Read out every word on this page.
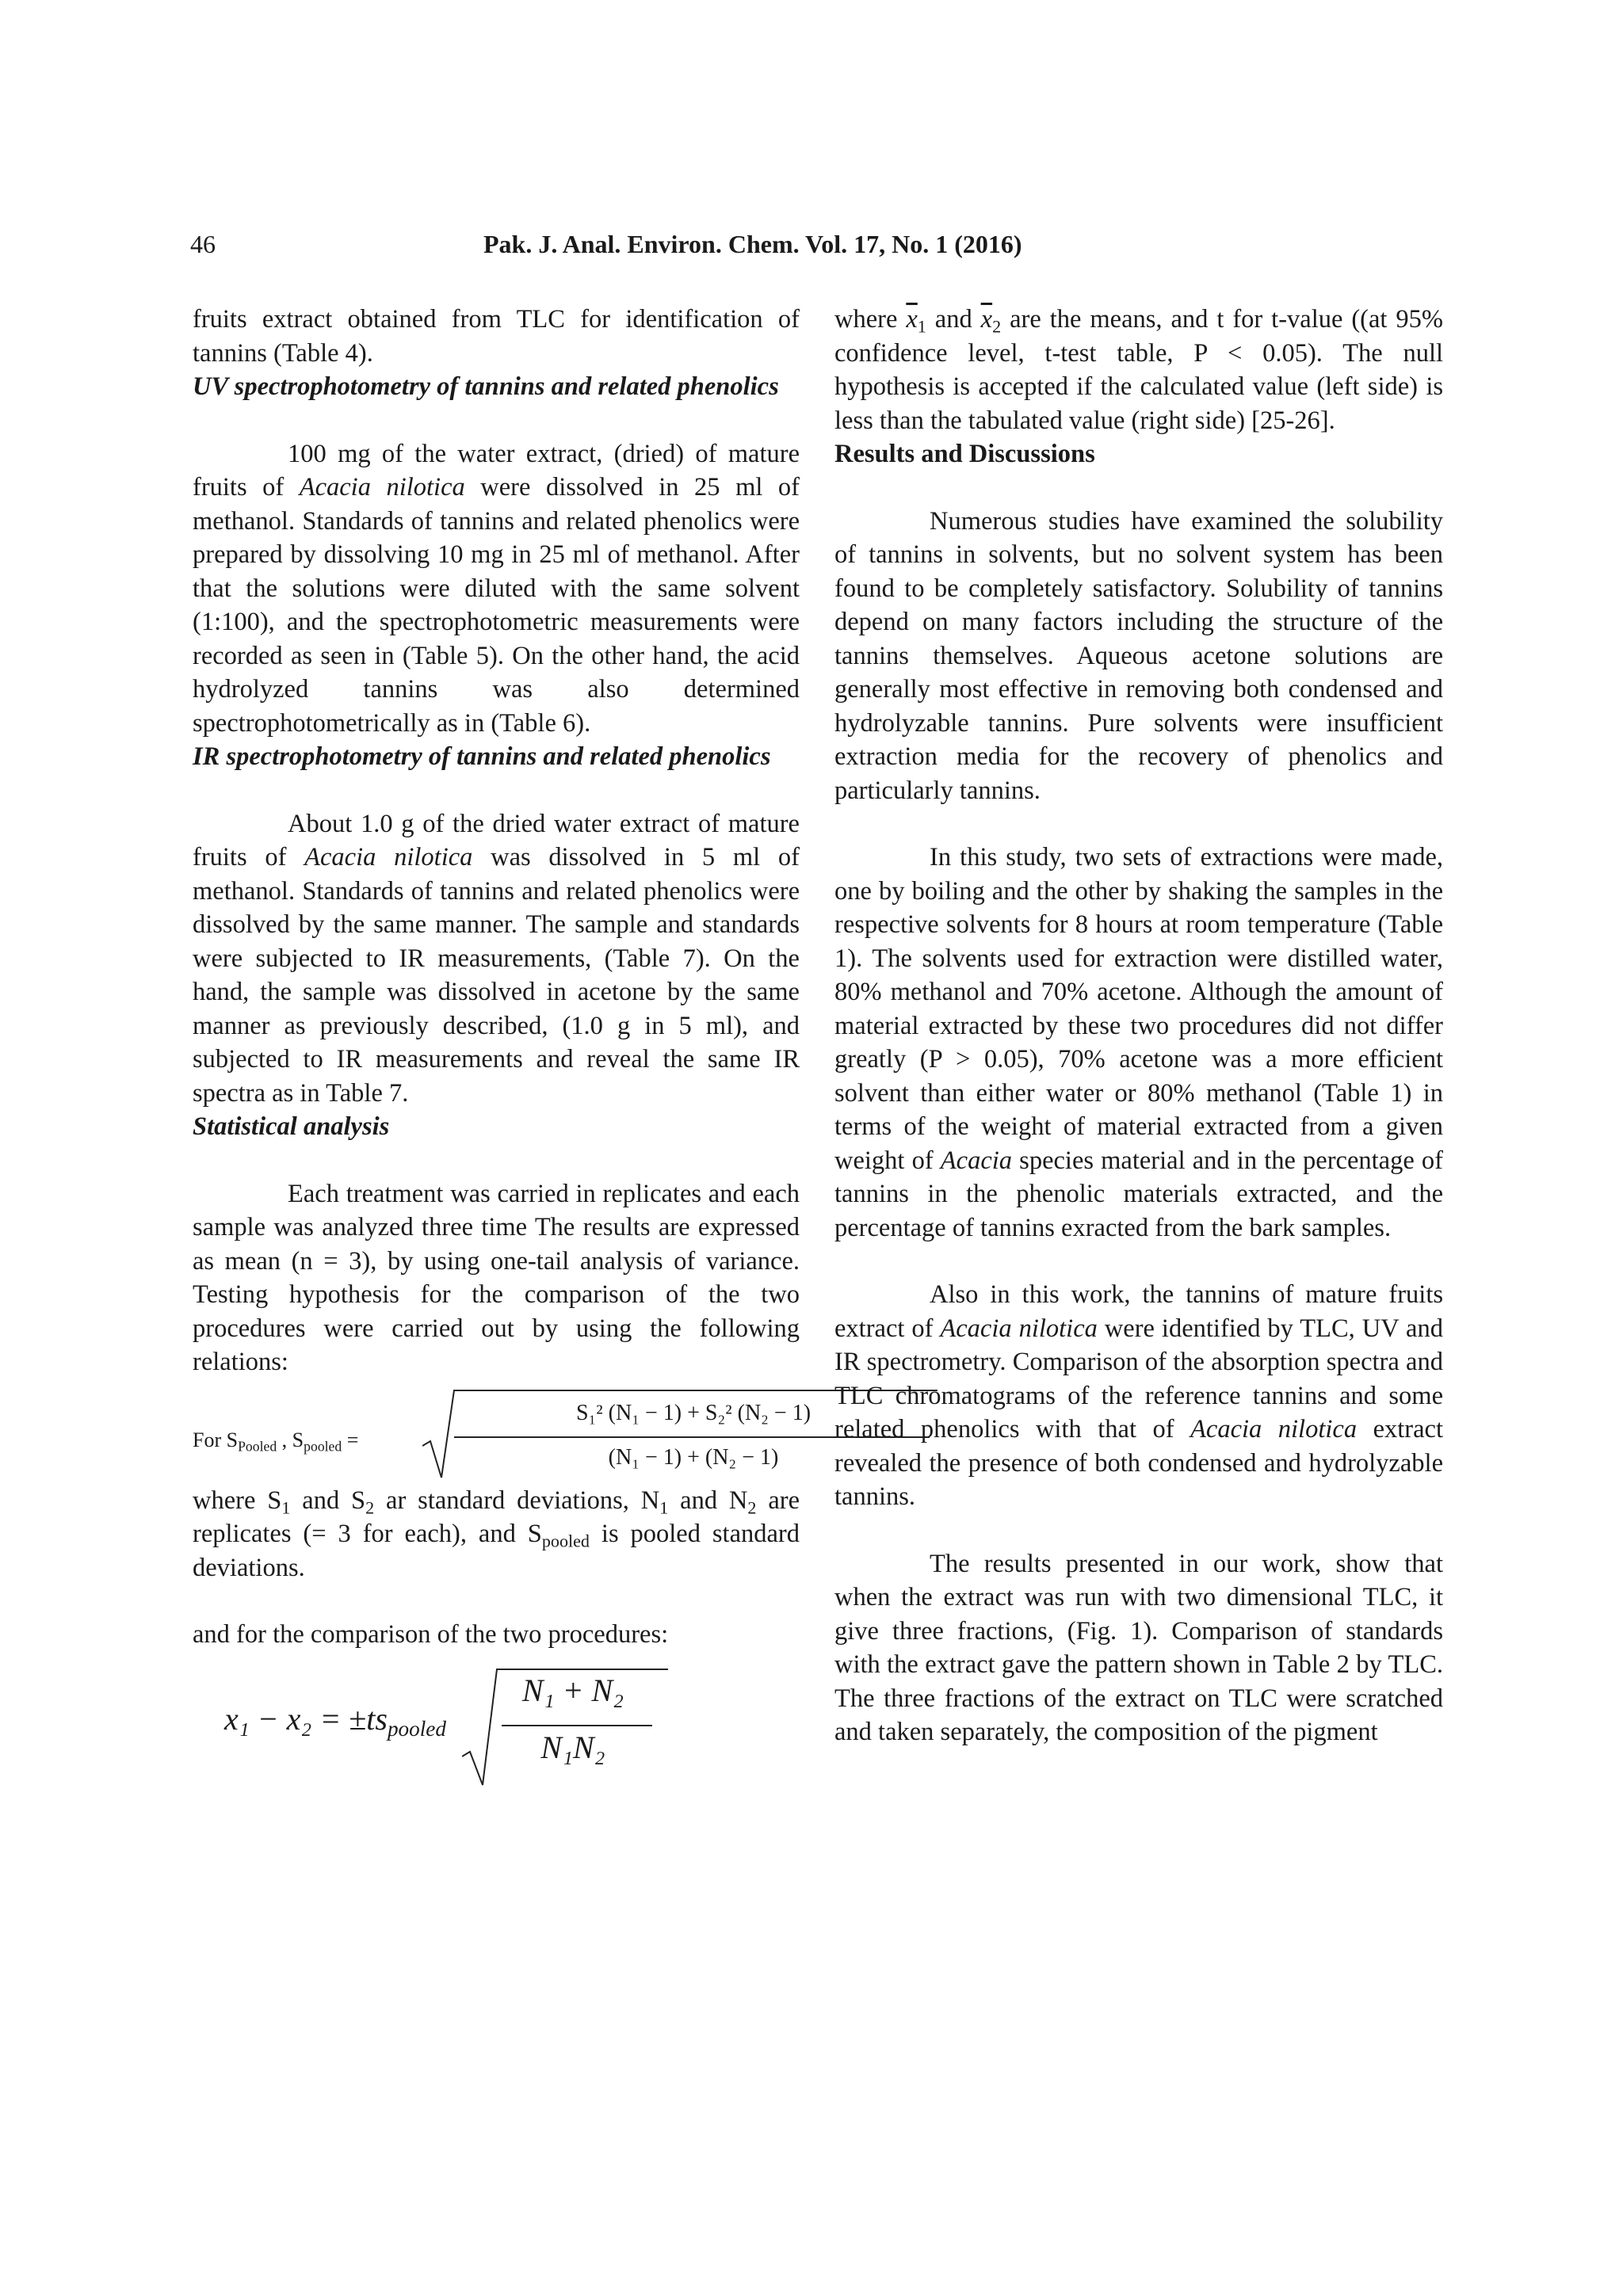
46	Pak. J. Anal. Environ. Chem. Vol. 17, No. 1 (2016)

fruits extract obtained from TLC for identification of tannins (Table 4).

UV spectrophotometry of tannins and related phenolics

100 mg of the water extract, (dried) of mature fruits of Acacia nilotica were dissolved in 25 ml of methanol. Standards of tannins and related phenolics were prepared by dissolving 10 mg in 25 ml of methanol. After that the solutions were diluted with the same solvent (1:100), and the spectrophotometric measurements were recorded as seen in (Table 5). On the other hand, the acid hydrolyzed tannins was also determined spectrophotometrically as in (Table 6).

IR spectrophotometry of tannins and related phenolics

About 1.0 g of the dried water extract of mature fruits of Acacia nilotica was dissolved in 5 ml of methanol. Standards of tannins and related phenolics were dissolved by the same manner. The sample and standards were subjected to IR measurements, (Table 7). On the hand, the sample was dissolved in acetone by the same manner as previously described, (1.0 g in 5 ml), and subjected to IR measurements and reveal the same IR spectra as in Table 7.

Statistical analysis

Each treatment was carried in replicates and each sample was analyzed three time The results are expressed as mean (n = 3), by using one-tail analysis of variance. Testing hypothesis for the comparison of the two procedures were carried out by using the following relations:

For $S_{Pooled}$ , $S_{pooled}$ =
S₁² (N₁ − 1) + S₂² (N₂ − 1)
(N₁ − 1) + (N₂ − 1)

where $S_1$ and $S_2$ ar standard deviations, $N_1$ and $N_2$ are replicates (= 3 for each), and $S_{pooled}$ is pooled standard deviations.

and for the comparison of the two procedures:

$x_1 - x_2 = \pm ts_{pooled}$
N₁ + N₂
N₁N₂

where $\overline{x}_1$ and $\overline{x}_2$ are the means, and t for t-value ((at 95% confidence level, t-test table, P < 0.05). The null hypothesis is accepted if the calculated value (left side) is less than the tabulated value (right side) [25-26].

Results and Discussions

Numerous studies have examined the solubility of tannins in solvents, but no solvent system has been found to be completely satisfactory. Solubility of tannins depend on many factors including the structure of the tannins themselves. Aqueous acetone solutions are generally most effective in removing both condensed and hydrolyzable tannins. Pure solvents were insufficient extraction media for the recovery of phenolics and particularly tannins.

In this study, two sets of extractions were made, one by boiling and the other by shaking the samples in the respective solvents for 8 hours at room temperature (Table 1). The solvents used for extraction were distilled water, 80% methanol and 70% acetone. Although the amount of material extracted by these two procedures did not differ greatly (P > 0.05), 70% acetone was a more efficient solvent than either water or 80% methanol (Table 1) in terms of the weight of material extracted from a given weight of Acacia species material and in the percentage of tannins in the phenolic materials extracted, and the percentage of tannins exracted from the bark samples.

Also in this work, the tannins of mature fruits extract of Acacia nilotica were identified by TLC, UV and IR spectrometry. Comparison of the absorption spectra and TLC chromatograms of the reference tannins and some related phenolics with that of Acacia nilotica extract revealed the presence of both condensed and hydrolyzable tannins.

The results presented in our work, show that when the extract was run with two dimensional TLC, it give three fractions, (Fig. 1). Comparison of standards with the extract gave the pattern shown in Table 2 by TLC. The three fractions of the extract on TLC were scratched and taken separately, the composition of the pigment
